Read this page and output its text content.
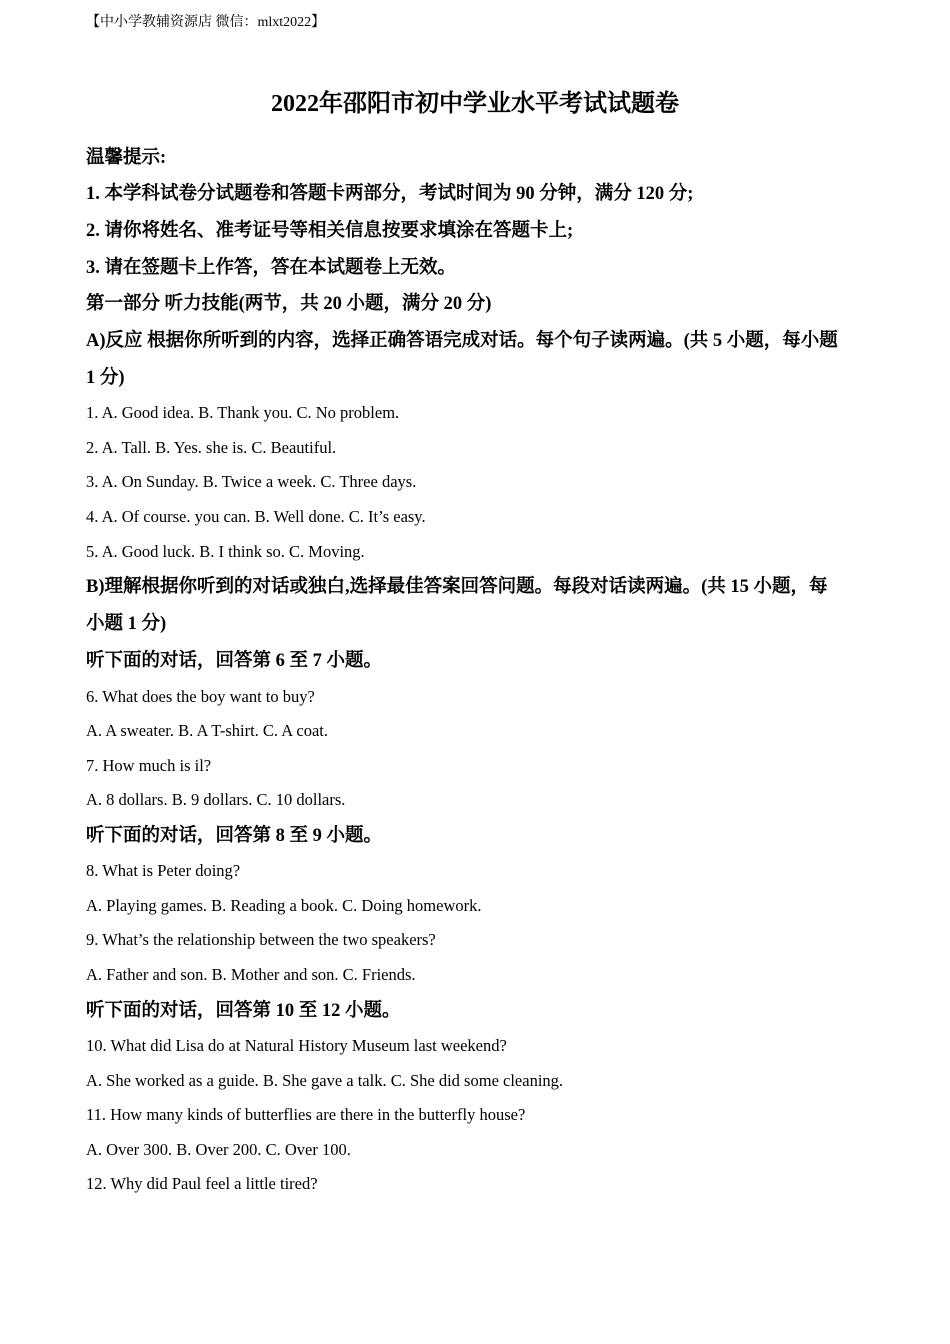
【中小学教辅资源店 微信：mlxt2022】
2022年邵阳市初中学业水平考试试题卷
温馨提示:
1. 本学科试卷分试题卷和答题卡两部分，考试时间为 90 分钟，满分 120 分;
2. 请你将姓名、准考证号等相关信息按要求填涂在答题卡上;
3. 请在签题卡上作答，答在本试题卷上无效。
第一部分 听力技能(两节，共 20 小题，满分 20 分)
A)反应 根据你所听到的内容，选择正确答语完成对话。每个句子读两遍。(共 5 小题，每小题
1 分)
1. A. Good idea. B. Thank you. C. No problem.
2. A. Tall. B. Yes. she is. C. Beautiful.
3. A. On Sunday. B. Twice a week. C. Three days.
4. A. Of course. you can. B. Well done. C. It’s easy.
5. A. Good luck. B. I think so. C. Moving.
B)理解根据你听到的对话或独白,选择最佳答案回答问题。每段对话读两遍。(共 15 小题，每
小题 1 分)
听下面的对话，回答第 6 至 7 小题。
6. What does the boy want to buy?
A. A sweater. B. A T-shirt. C. A coat.
7. How much is il?
A. 8 dollars. B. 9 dollars. C. 10 dollars.
听下面的对话，回答第 8 至 9 小题。
8. What is Peter doing?
A. Playing games. B. Reading a book. C. Doing homework.
9. What’s the relationship between the two speakers?
A. Father and son. B. Mother and son. C. Friends.
听下面的对话，回答第 10 至 12 小题。
10. What did Lisa do at Natural History Museum last weekend?
A. She worked as a guide. B. She gave a talk. C. She did some cleaning.
11. How many kinds of butterflies are there in the butterfly house?
A. Over 300. B. Over 200. C. Over 100.
12. Why did Paul feel a little tired?
